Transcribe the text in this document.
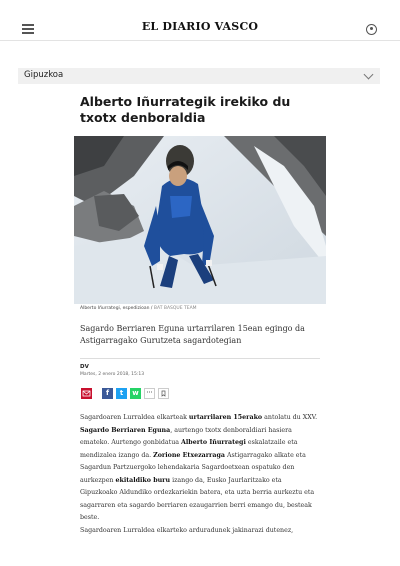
EL DIARIO VASCO
Gipuzkoa
Alberto Iñurrategik irekiko du txotx denboraldia
Alberto Iñurrategi, espedizioan / BAT BASQUE TEAM
Sagardo Berriaren Eguna urtarrilaren 15ean egingo da Astigarragako Gurutzeta sagardotegian
DV
Martes, 2 enero 2018, 15:13
f	t	w	···
Sagardoaren Lurraldea elkarteak urtarrilaren 15erako antolatu du XXV. Sagardo Berriaren Eguna, aurtengo txotx denboraldiari hasiera emateko. Aurtengo gonbidatua Alberto Iñurrategi eskalatzaile eta mendizalea izango da. Zorione Etxezarraga Astigarragako alkate eta Sagardun Partzuergoko lehendakaria Sagardoetxean ospatuko den aurkezpen ekitaldiko buru izango da, Eusko Jaurlaritzako eta Gipuzkoako Aldundiko ordezkariekin batera, eta uzta berria aurkeztu eta sagarraren eta sagardo berriaren ezaugarrien berri emango du, besteak beste.
Sagardoaren Lurraldea elkarteko arduradunek jakinarazi dutenez,
